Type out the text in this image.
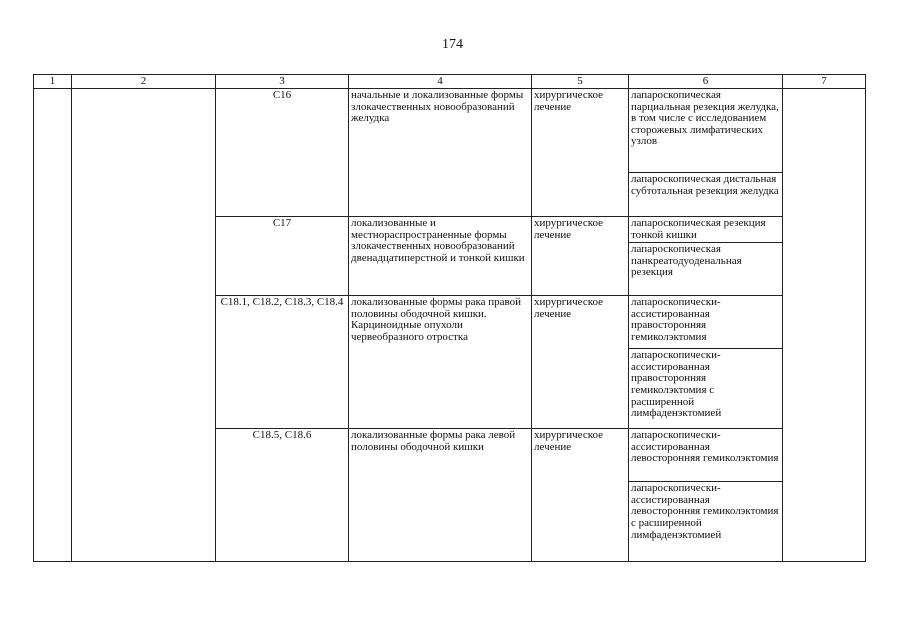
174
1	2	3	4	5	6	7
		C16	начальные и локализованные формы злокачественных новообразований желудка	хирургическое лечение	лапароскопическая парциальная резекция желудка, в том числе с исследованием сторожевых лимфатических узлов	
					лапароскопическая дистальная субтотальная резекция желудка	
		C17	локализованные и местнораспространенные формы злокачественных новообразований двенадцатиперстной и тонкой кишки	хирургическое лечение	лапароскопическая резекция тонкой кишки	
					лапароскопическая панкреатодуоденальная резекция	
		C18.1, C18.2, C18.3, C18.4	локализованные формы рака правой половины ободочной кишки. Карциноидные опухоли червеобразного отростка	хирургическое лечение	лапароскопически-ассистированная правосторонняя гемиколэктомия	
					лапароскопически-ассистированная правосторонняя гемиколэктомия с расширенной лимфаденэктомией	
		C18.5, C18.6	локализованные формы рака левой половины ободочной кишки	хирургическое лечение	лапароскопически-ассистированная левосторонняя гемиколэктомия	
					лапароскопически-ассистированная левосторонняя гемиколэктомия с расширенной лимфаденэктомией	
